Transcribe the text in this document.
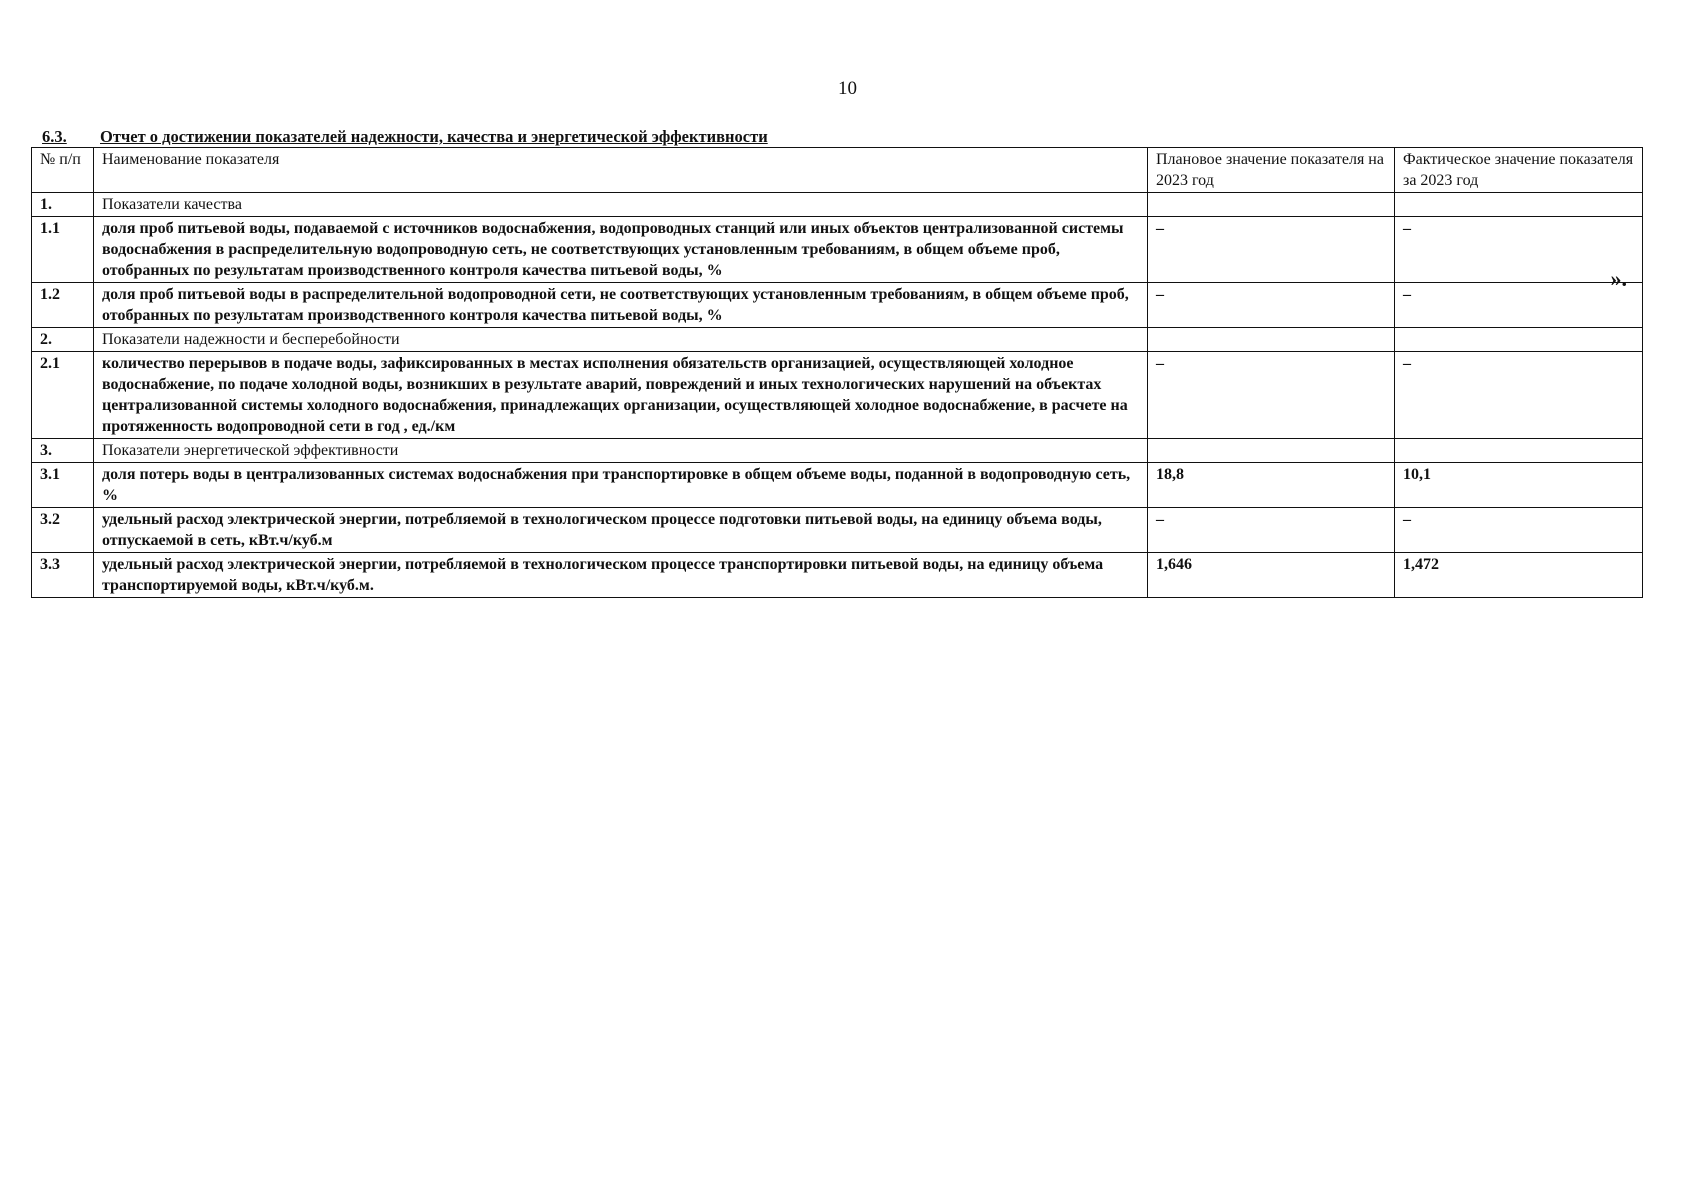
10
6.3. Отчет о достижении показателей надежности, качества и энергетической эффективности
№ п/п	Наименование показателя	Плановое значение показателя на 2023 год	Фактическое значение показателя за 2023 год
1.	Показатели качества		
1.1	доля проб питьевой воды, подаваемой с источников водоснабжения, водопроводных станций или иных объектов централизованной системы водоснабжения в распределительную водопроводную сеть, не соответствующих установленным требованиям, в общем объеме проб, отобранных по результатам производственного контроля качества питьевой воды, %	–	–
1.2	доля проб питьевой воды в распределительной водопроводной сети, не соответствующих установленным требованиям, в общем объеме проб, отобранных по результатам производственного контроля качества питьевой воды, %	–	–
2.	Показатели надежности и бесперебойности		
2.1	количество перерывов в подаче воды, зафиксированных в местах исполнения обязательств организацией, осуществляющей холодное водоснабжение, по подаче холодной воды, возникших в результате аварий, повреждений и иных технологических нарушений на объектах централизованной системы холодного водоснабжения, принадлежащих организации, осуществляющей холодное водоснабжение, в расчете на протяженность водопроводной сети в год , ед./км	–	–
3.	Показатели энергетической эффективности		
3.1	доля потерь воды в централизованных системах водоснабжения при транспортировке в общем объеме воды, поданной в водопроводную сеть, %	18,8	10,1
3.2	удельный расход электрической энергии, потребляемой в технологическом процессе подготовки питьевой воды, на единицу объема воды, отпускаемой в сеть, кВт.ч/куб.м	–	–
3.3	удельный расход электрической энергии, потребляемой в технологическом процессе транспортировки питьевой воды, на единицу объема транспортируемой воды, кВт.ч/куб.м.	1,646	1,472
».
